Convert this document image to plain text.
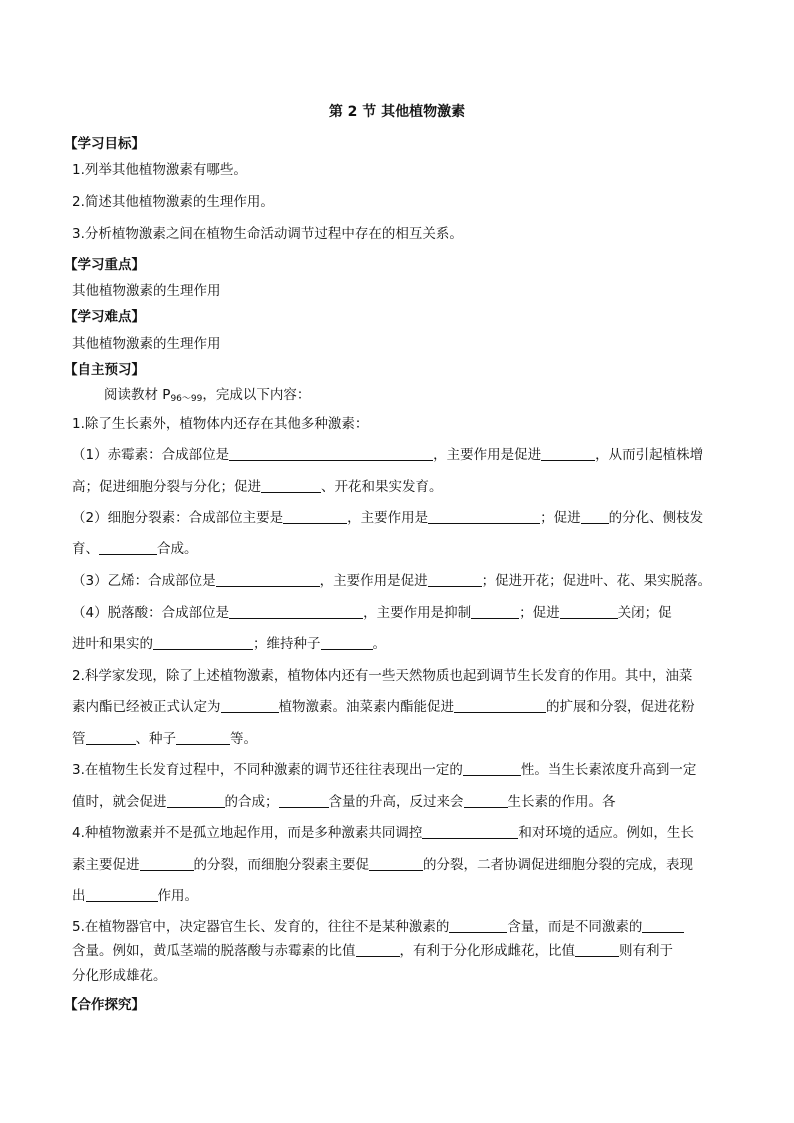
第 2 节 其他植物激素
【学习目标】
1.列举其他植物激素有哪些。
2.简述其他植物激素的生理作用。
3.分析植物激素之间在植物生命活动调节过程中存在的相互关系。
【学习重点】
其他植物激素的生理作用
【学习难点】
其他植物激素的生理作用
【自主预习】
阅读教材 $P_{96\sim 99}$，完成以下内容：
1.除了生长素外，植物体内还存在其他多种激素：
（1）赤霉素：合成部位是	，主要作用是促进	，从而引起植株增
高；促进细胞分裂与分化；促进	、开花和果实发育。
（2）细胞分裂素：合成部位主要是	，主要作用是	；促进 的分化、侧枝发
育、	合成。
（3）乙烯：合成部位是	，主要作用是促进	；促进开花；促进叶、花、果实脱落。
（4）脱落酸：合成部位是	，主要作用是抑制	；促进	关闭；促
进叶和果实的	；维持种子	。
2.科学家发现，除了上述植物激素，植物体内还有一些天然物质也起到调节生长发育的作用。其中，油菜
素内酯已经被正式认定为	植物激素。油菜素内酯能促进	的扩展和分裂，促进花粉
管	、种子	等。
3.在植物生长发育过程中，不同种激素的调节还往往表现出一定的	性。当生长素浓度升高到一定
值时，就会促进	的合成；	含量的升高，反过来会	生长素的作用。各
4.种植物激素并不是孤立地起作用，而是多种激素共同调控	和对环境的适应。例如，生长
素主要促进	的分裂，而细胞分裂素主要促	的分裂，二者协调促进细胞分裂的完成，表现
出	作用。
5.在植物器官中，决定器官生长、发育的，往往不是某种激素的	含量，而是不同激素的
含量。例如，黄瓜茎端的脱落酸与赤霉素的比值	，有利于分化形成雌花，比值	则有利于
分化形成雄花。
【合作探究】
